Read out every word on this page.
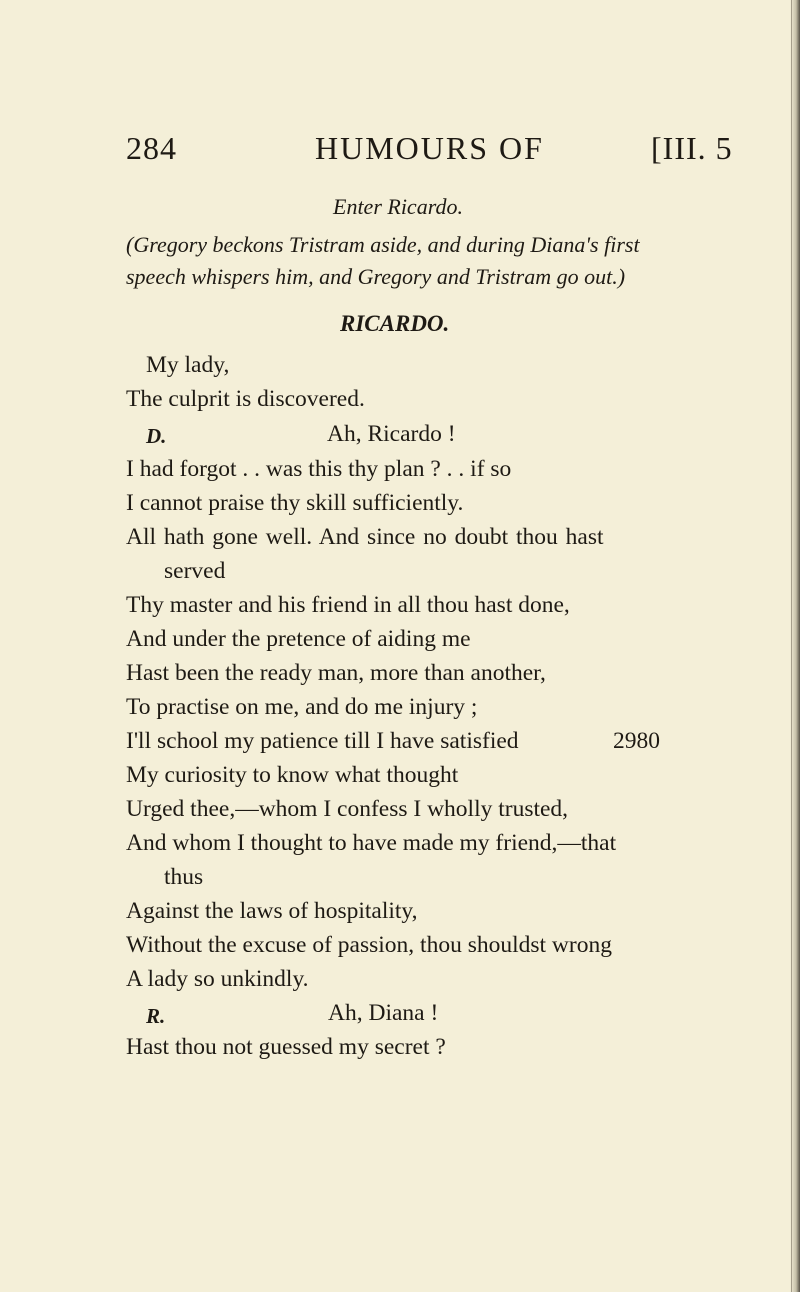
284	HUMOURS OF	[III. 5
Enter Ricardo.
(Gregory beckons Tristram aside, and during Diana's first
speech whispers him, and Gregory and Tristram go out.)
RICARDO.
My lady,
The culprit is discovered.
D.	Ah, Ricardo !
I had forgot . . was this thy plan ? . . if so
I cannot praise thy skill sufficiently.
All hath gone well. And since no doubt thou hast
served
Thy master and his friend in all thou hast done,
And under the pretence of aiding me
Hast been the ready man, more than another,
To practise on me, and do me injury ;
I'll school my patience till I have satisfied	2980
My curiosity to know what thought
Urged thee,—whom I confess I wholly trusted,
And whom I thought to have made my friend,—that
thus
Against the laws of hospitality,
Without the excuse of passion, thou shouldst wrong
A lady so unkindly.
R.	Ah, Diana !
Hast thou not guessed my secret ?
